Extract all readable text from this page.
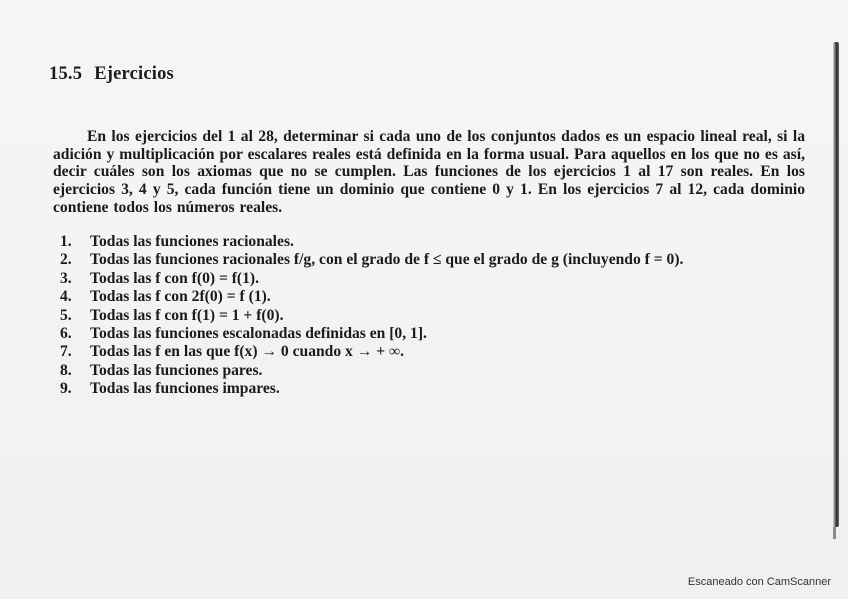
15.5 Ejercicios

En los ejercicios del 1 al 28, determinar si cada uno de los conjuntos dados es un espacio lineal real, si la adición y multiplicación por escalares reales está definida en la forma usual. Para aquellos en los que no es así, decir cuáles son los axiomas que no se cumplen. Las funciones de los ejercicios 1 al 17 son reales. En los ejercicios 3, 4 y 5, cada función tiene un dominio que contiene 0 y 1. En los ejercicios 7 al 12, cada dominio contiene todos los números reales.

1.	Todas las funciones racionales.
2.	Todas las funciones racionales f/g, con el grado de f ≤ que el grado de g (incluyendo f = 0).
3.	Todas las f con f(0) = f(1).
4.	Todas las f con 2f(0) = f (1).
5.	Todas las f con f(1) = 1 + f(0).
6.	Todas las funciones escalonadas definidas en [0, 1].
7.	Todas las f en las que f(x) → 0 cuando x → + ∞.
8.	Todas las funciones pares.
9.	Todas las funciones impares.
Escaneado con CamScanner
